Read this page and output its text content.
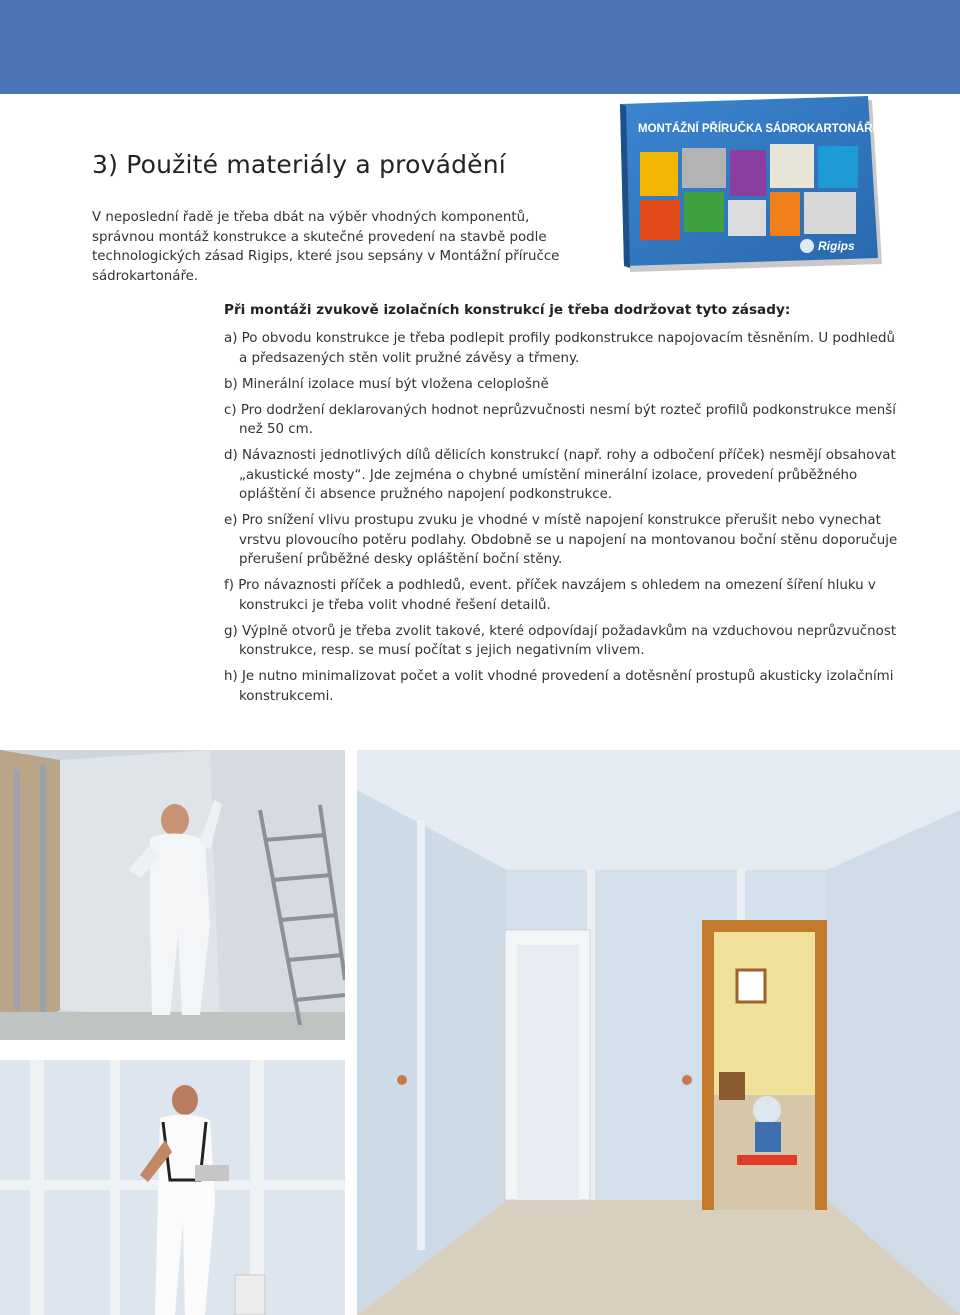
3) Použité materiály a provádění

V neposlední řadě je třeba dbát na výběr vhodných komponentů, správnou montáž konstrukce a skutečné provedení na stavbě podle technologických zásad Rigips, které jsou sepsány v Montážní příručce sádrokartonáře.

MONTÁŽNÍ PŘÍRUČKA SÁDROKARTONÁŘE
Rigips

Při montáži zvukově izolačních konstrukcí je třeba dodržovat tyto zásady:

a) Po obvodu konstrukce je třeba podlepit profily podkonstrukce napojovacím těsněním. U podhledů a předsazených stěn volit pružné závěsy a třmeny.

b) Minerální izolace musí být vložena celoplošně

c) Pro dodržení deklarovaných hodnot neprůzvučnosti nesmí být rozteč profilů podkonstrukce menší než 50 cm.

d) Návaznosti jednotlivých dílů dělicích konstrukcí (např. rohy a odbočení příček) nesmějí obsahovat „akustické mosty“. Jde zejména o chybné umístění minerální izolace, provedení průběžného opláštění či absence pružného napojení podkonstrukce.

e) Pro snížení vlivu prostupu zvuku je vhodné v místě napojení konstrukce přerušit nebo vynechat vrstvu plovoucího potěru podlahy. Obdobně se u napojení na montovanou boční stěnu doporučuje přerušení průběžné desky opláštění boční stěny.

f) Pro návaznosti příček a podhledů, event. příček navzájem s ohledem na omezení šíření hluku v konstrukci je třeba volit vhodné řešení detailů.

g) Výplně otvorů je třeba zvolit takové, které odpovídají požadavkům na vzduchovou neprůzvučnost konstrukce, resp. se musí počítat s jejich negativním vlivem.

h) Je nutno minimalizovat počet a volit vhodné provedení a dotěsnění prostupů akusticky izolačními konstrukcemi.
